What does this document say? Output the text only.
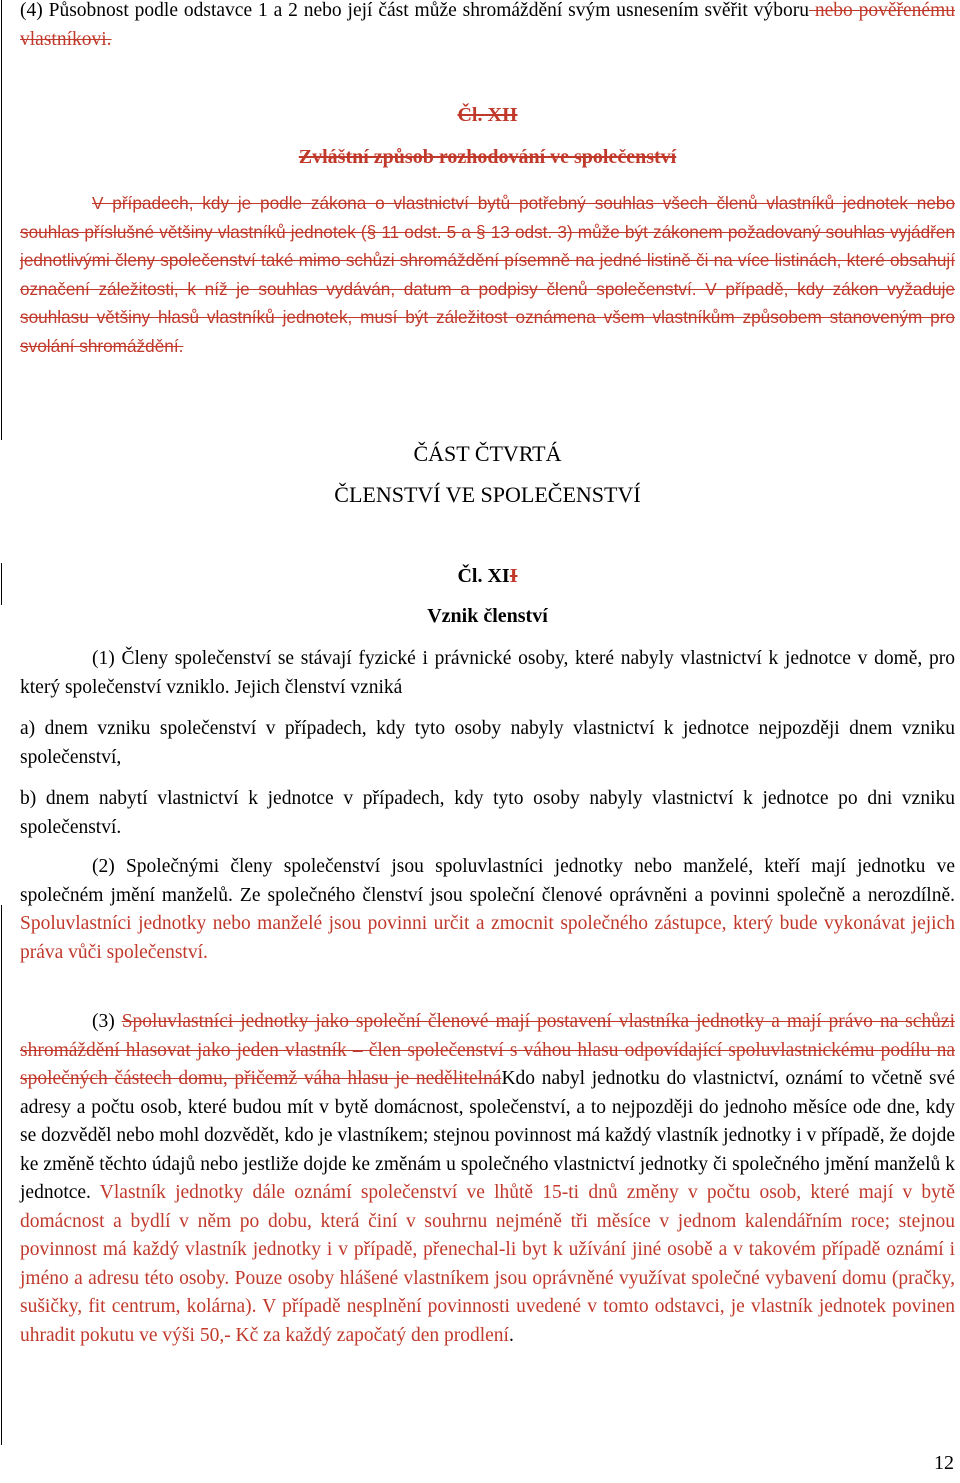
(4) Působnost podle odstavce 1 a 2 nebo její část může shromáždění svým usnesením svěřit výboru nebo pověřenému vlastníkovi.
Čl. XII
Zvláštní způsob rozhodování ve společenství
V případech, kdy je podle zákona o vlastnictví bytů potřebný souhlas všech členů vlastníků jednotek nebo souhlas příslušné většiny vlastníků jednotek (§ 11 odst. 5 a § 13 odst. 3) může být zákonem požadovaný souhlas vyjádřen jednotlivými členy společenství také mimo schůzi shromáždění písemně na jedné listině či na více listinách, které obsahují označení záležitosti, k níž je souhlas vydáván, datum a podpisy členů společenství. V případě, kdy zákon vyžaduje souhlasu většiny hlasů vlastníků jednotek, musí být záležitost oznámena všem vlastníkům způsobem stanoveným pro svolání shromáždění.
ČÁST ČTVRTÁ
ČLENSTVÍ VE SPOLEČENSTVÍ
Čl. XII
Vznik členství
(1) Členy společenství se stávají fyzické i právnické osoby, které nabyly vlastnictví k jednotce v domě, pro který společenství vzniklo. Jejich členství vzniká
a) dnem vzniku společenství v případech, kdy tyto osoby nabyly vlastnictví k jednotce nejpozději dnem vzniku společenství,
b) dnem nabytí vlastnictví k jednotce v případech, kdy tyto osoby nabyly vlastnictví k jednotce po dni vzniku společenství.
(2) Společnými členy společenství jsou spoluvlastníci jednotky nebo manželé, kteří mají jednotku ve společném jmění manželů. Ze společného členství jsou společní členové oprávněni a povinni společně a nerozdílně. Spoluvlastníci jednotky nebo manželé jsou povinni určit a zmocnit společného zástupce, který bude vykonávat jejich práva vůči společenství.
(3) Spoluvlastníci jednotky jako společní členové mají postavení vlastníka jednotky a mají právo na schůzi shromáždění hlasovat jako jeden vlastník – člen společenství s váhou hlasu odpovídající spoluvlastnickému podílu na společných částech domu, přičemž váha hlasu je nedělitelnáKdo nabyl jednotku do vlastnictví, oznámí to včetně své adresy a počtu osob, které budou mít v bytě domácnost, společenství, a to nejpozději do jednoho měsíce ode dne, kdy se dozvěděl nebo mohl dozvědět, kdo je vlastníkem; stejnou povinnost má každý vlastník jednotky i v případě, že dojde ke změně těchto údajů nebo jestliže dojde ke změnám u společného vlastnictví jednotky či společného jmění manželů k jednotce. Vlastník jednotky dále oznámí společenství ve lhůtě 15-ti dnů změny v počtu osob, které mají v bytě domácnost a bydlí v něm po dobu, která činí v souhrnu nejméně tři měsíce v jednom kalendářním roce; stejnou povinnost má každý vlastník jednotky i v případě, přenechal-li byt k užívání jiné osobě a v takovém případě oznámí i jméno a adresu této osoby. Pouze osoby hlášené vlastníkem jsou oprávněné využívat společné vybavení domu (pračky, sušičky, fit centrum, kolárna). V případě nesplnění povinnosti uvedené v tomto odstavci, je vlastník jednotek povinen uhradit pokutu ve výši 50,- Kč za každý započatý den prodlení.
12
